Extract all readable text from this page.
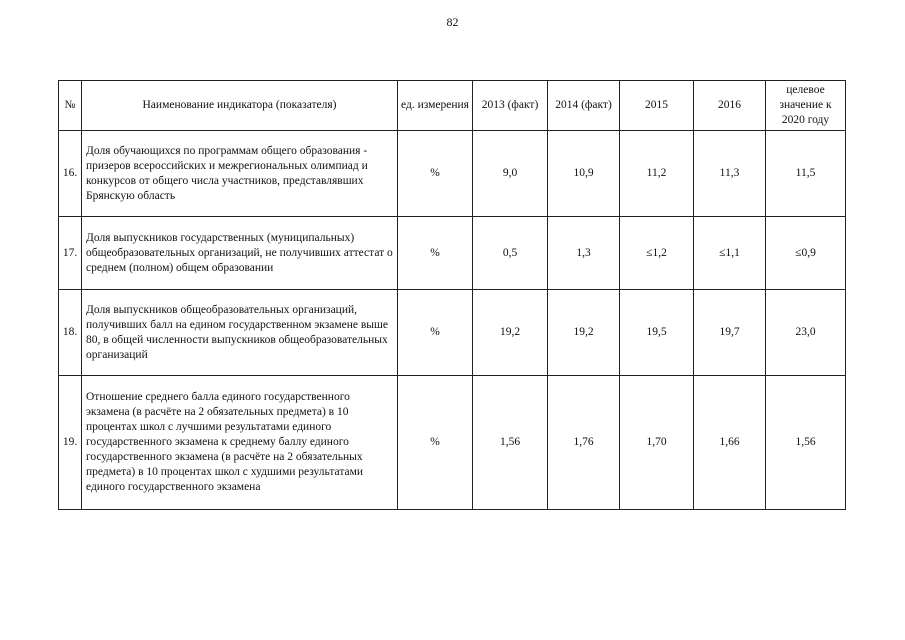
82
№	Наименование индикатора (показателя)	ед. измерения	2013 (факт)	2014 (факт)	2015	2016	целевое значение к 2020 году
16.	Доля обучающихся по программам общего образования - призеров всероссийских и межрегиональных олимпиад и конкурсов от общего числа участников, представлявших Брянскую область	%	9,0	10,9	11,2	11,3	11,5
17.	Доля выпускников государственных (муниципальных) общеобразовательных организаций, не получивших аттестат о среднем (полном) общем образовании	%	0,5	1,3	≤1,2	≤1,1	≤0,9
18.	Доля выпускников общеобразовательных организаций, получивших балл на едином государственном экзамене выше 80, в общей численности выпускников общеобразовательных организаций	%	19,2	19,2	19,5	19,7	23,0
19.	Отношение среднего балла единого государственного экзамена (в расчёте на 2 обязательных предмета) в 10 процентах школ с лучшими результатами единого государственного экзамена к среднему баллу единого государственного экзамена (в расчёте на 2 обязательных предмета) в 10 процентах школ с худшими результатами единого государственного экзамена	%	1,56	1,76	1,70	1,66	1,56
